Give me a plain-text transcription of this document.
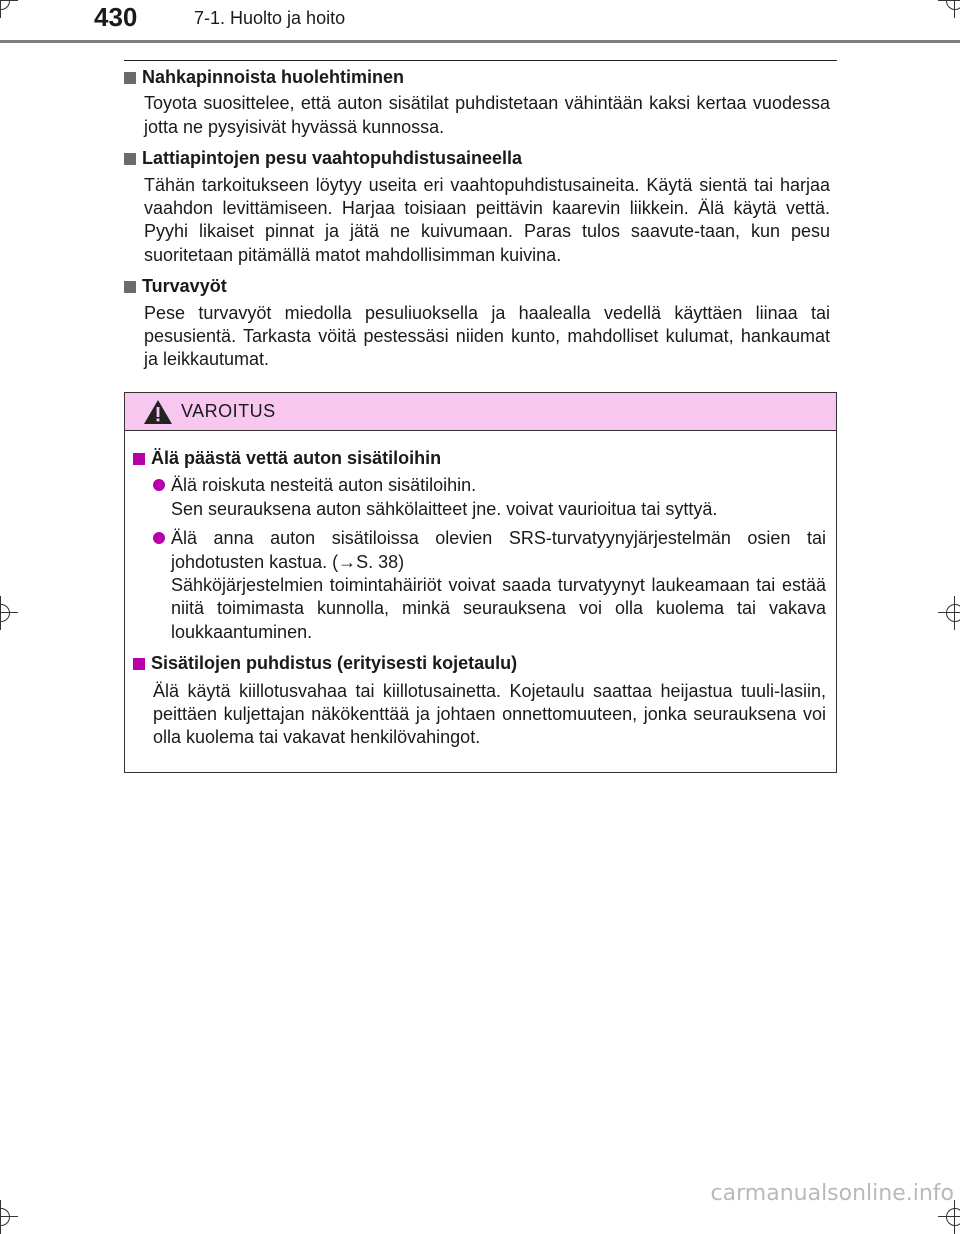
430	7-1. Huolto ja hoito
Nahkapinnoista huolehtiminen
Toyota suosittelee, että auton sisätilat puhdistetaan vähintään kaksi kertaa vuodessa jotta ne pysyisivät hyvässä kunnossa.
Lattiapintojen pesu vaahtopuhdistusaineella
Tähän tarkoitukseen löytyy useita eri vaahtopuhdistusaineita. Käytä sientä tai harjaa vaahdon levittämiseen. Harjaa toisiaan peittävin kaarevin liikkein. Älä käytä vettä. Pyyhi likaiset pinnat ja jätä ne kuivumaan. Paras tulos saavute-taan, kun pesu suoritetaan pitämällä matot mahdollisimman kuivina.
Turvavyöt
Pese turvavyöt miedolla pesuliuoksella ja haalealla vedellä käyttäen liinaa tai pesusientä. Tarkasta vöitä pestessäsi niiden kunto, mahdolliset kulumat, hankaumat ja leikkautumat.
VAROITUS
Älä päästä vettä auton sisätiloihin
Älä roiskuta nesteitä auton sisätiloihin.
Sen seurauksena auton sähkölaitteet jne. voivat vaurioitua tai syttyä.
Älä anna auton sisätiloissa olevien SRS-turvatyynyjärjestelmän osien tai johdotusten kastua. (→S. 38)
Sähköjärjestelmien toimintahäiriöt voivat saada turvatyynyt laukeamaan tai estää niitä toimimasta kunnolla, minkä seurauksena voi olla kuolema tai vakava loukkaantuminen.
Sisätilojen puhdistus (erityisesti kojetaulu)
Älä käytä kiillotusvahaa tai kiillotusainetta. Kojetaulu saattaa heijastua tuuli-lasiin, peittäen kuljettajan näkökenttää ja johtaen onnettomuuteen, jonka seurauksena voi olla kuolema tai vakavat henkilövahingot.
carmanualsonline.info
